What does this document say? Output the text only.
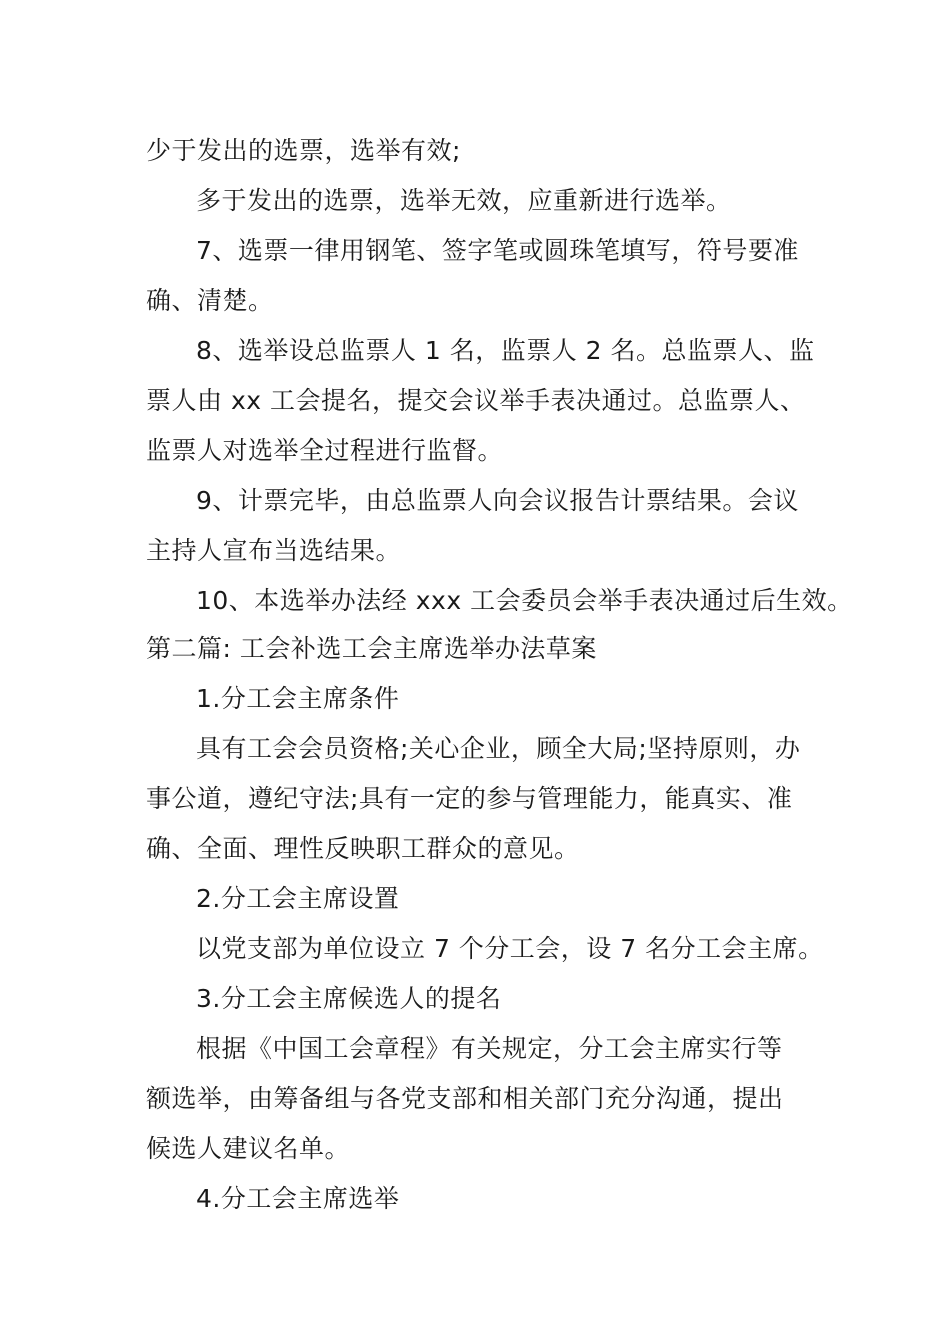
少于发出的选票，选举有效;

多于发出的选票，选举无效，应重新进行选举。

7、选票一律用钢笔、签字笔或圆珠笔填写，符号要准

确、清楚。

8、选举设总监票人 1 名，监票人 2 名。总监票人、监

票人由 xx 工会提名，提交会议举手表决通过。总监票人、

监票人对选举全过程进行监督。

9、计票完毕，由总监票人向会议报告计票结果。会议

主持人宣布当选结果。

10、本选举办法经 xxx 工会委员会举手表决通过后生效。

第二篇: 工会补选工会主席选举办法草案

1.分工会主席条件

具有工会会员资格;关心企业，顾全大局;坚持原则，办

事公道，遵纪守法;具有一定的参与管理能力，能真实、准

确、全面、理性反映职工群众的意见。

2.分工会主席设置

以党支部为单位设立 7 个分工会，设 7 名分工会主席。

3.分工会主席候选人的提名

根据《中国工会章程》有关规定，分工会主席实行等

额选举，由筹备组与各党支部和相关部门充分沟通，提出

候选人建议名单。

4.分工会主席选举
